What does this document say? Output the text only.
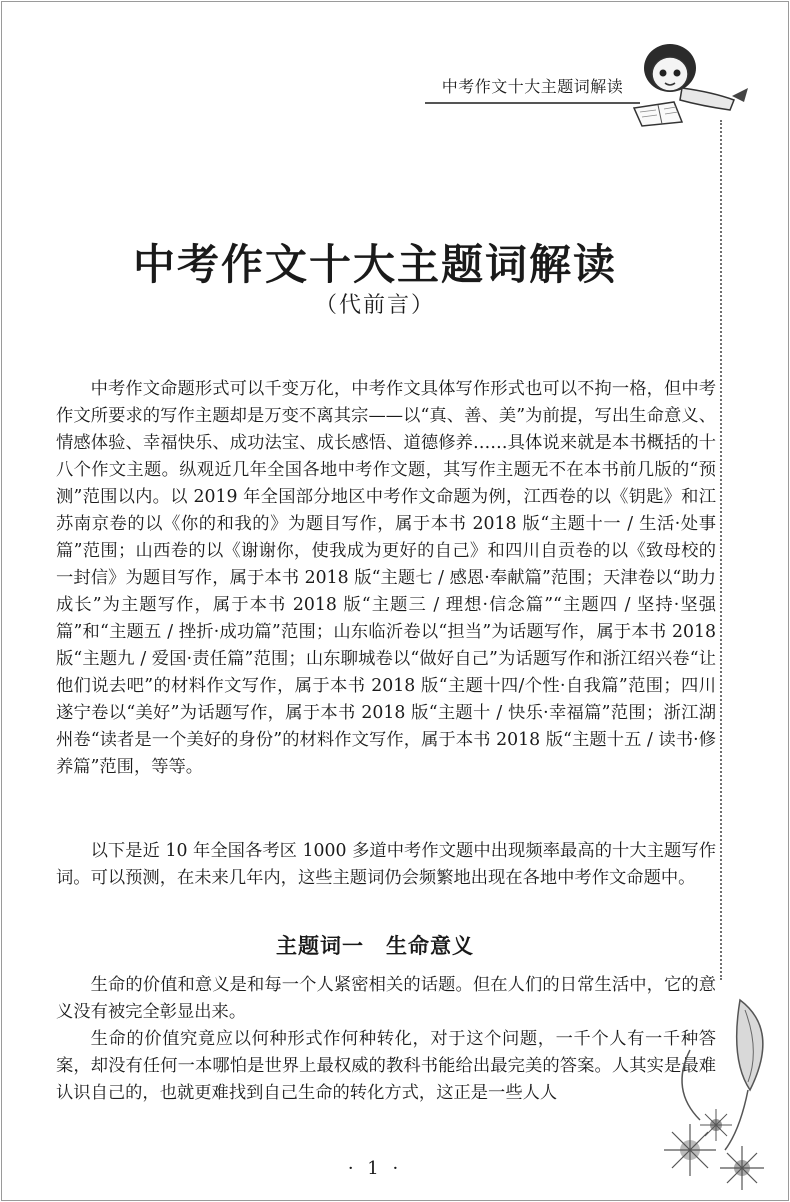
中考作文十大主题词解读
中考作文十大主题词解读
（代前言）

中考作文命题形式可以千变万化，中考作文具体写作形式也可以不拘一格，但中考作文所要求的写作主题却是万变不离其宗——以“真、善、美”为前提，写出生命意义、情感体验、幸福快乐、成功法宝、成长感悟、道德修养……具体说来就是本书概括的十八个作文主题。纵观近几年全国各地中考作文题，其写作主题无不在本书前几版的“预测”范围以内。以 2019 年全国部分地区中考作文命题为例，江西卷的以《钥匙》和江苏南京卷的以《你的和我的》为题目写作，属于本书 2018 版“主题十一 / 生活·处事篇”范围；山西卷的以《谢谢你，使我成为更好的自己》和四川自贡卷的以《致母校的一封信》为题目写作，属于本书 2018 版“主题七 / 感恩·奉献篇”范围；天津卷以“助力成长”为主题写作，属于本书 2018 版“主题三 / 理想·信念篇”“主题四 / 坚持·坚强篇”和“主题五 / 挫折·成功篇”范围；山东临沂卷以“担当”为话题写作，属于本书 2018 版“主题九 / 爱国·责任篇”范围；山东聊城卷以“做好自己”为话题写作和浙江绍兴卷“让他们说去吧”的材料作文写作，属于本书 2018 版“主题十四/个性·自我篇”范围；四川遂宁卷以“美好”为话题写作，属于本书 2018 版“主题十 / 快乐·幸福篇”范围；浙江湖州卷“读者是一个美好的身份”的材料作文写作，属于本书 2018 版“主题十五 / 读书·修养篇”范围，等等。

以下是近 10 年全国各考区 1000 多道中考作文题中出现频率最高的十大主题写作词。可以预测，在未来几年内，这些主题词仍会频繁地出现在各地中考作文命题中。

主题词一　生命意义

生命的价值和意义是和每一个人紧密相关的话题。但在人们的日常生活中，它的意义没有被完全彰显出来。

生命的价值究竟应以何种形式作何种转化，对于这个问题，一千个人有一千种答案，却没有任何一本哪怕是世界上最权威的教科书能给出最完美的答案。人其实是最难认识自己的，也就更难找到自己生命的转化方式，这正是一些人人

· 1 ·
